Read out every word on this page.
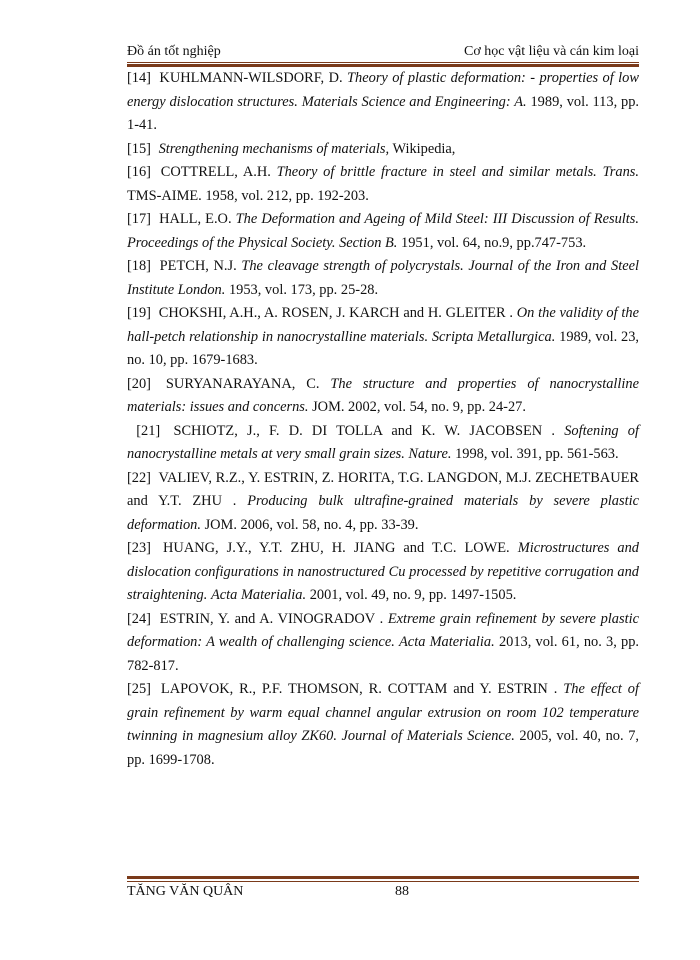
Đồ án tốt nghiệp	Cơ học vật liệu và cán kim loại

[14] KUHLMANN-WILSDORF, D. Theory of plastic deformation: - properties of low energy dislocation structures. Materials Science and Engineering: A. 1989, vol. 113, pp. 1-41.

[15] Strengthening mechanisms of materials, Wikipedia,

[16] COTTRELL, A.H. Theory of brittle fracture in steel and similar metals. Trans. TMS-AIME. 1958, vol. 212, pp. 192-203.

[17] HALL, E.O. The Deformation and Ageing of Mild Steel: III Discussion of Results. Proceedings of the Physical Society. Section B. 1951, vol. 64, no.9, pp.747-753.

[18] PETCH, N.J. The cleavage strength of polycrystals. Journal of the Iron and Steel Institute London. 1953, vol. 173, pp. 25-28.

[19] CHOKSHI, A.H., A. ROSEN, J. KARCH and H. GLEITER . On the validity of the hall-petch relationship in nanocrystalline materials. Scripta Metallurgica. 1989, vol. 23, no. 10, pp. 1679-1683.

[20] SURYANARAYANA, C. The structure and properties of nanocrystalline materials: issues and concerns. JOM. 2002, vol. 54, no. 9, pp. 24-27.

[21] SCHIOTZ, J., F. D. DI TOLLA and K. W. JACOBSEN . Softening of nanocrystalline metals at very small grain sizes. Nature. 1998, vol. 391, pp. 561-563.

[22] VALIEV, R.Z., Y. ESTRIN, Z. HORITA, T.G. LANGDON, M.J. ZECHETBAUER and Y.T. ZHU . Producing bulk ultrafine-grained materials by severe plastic deformation. JOM. 2006, vol. 58, no. 4, pp. 33-39.

[23] HUANG, J.Y., Y.T. ZHU, H. JIANG and T.C. LOWE. Microstructures and dislocation configurations in nanostructured Cu processed by repetitive corrugation and straightening. Acta Materialia. 2001, vol. 49, no. 9, pp. 1497-1505.

[24] ESTRIN, Y. and A. VINOGRADOV . Extreme grain refinement by severe plastic deformation: A wealth of challenging science. Acta Materialia. 2013, vol. 61, no. 3, pp. 782-817.

[25] LAPOVOK, R., P.F. THOMSON, R. COTTAM and Y. ESTRIN . The effect of grain refinement by warm equal channel angular extrusion on room 102 temperature twinning in magnesium alloy ZK60. Journal of Materials Science. 2005, vol. 40, no. 7, pp. 1699-1708.

TĂNG VĂN QUÂN	88
